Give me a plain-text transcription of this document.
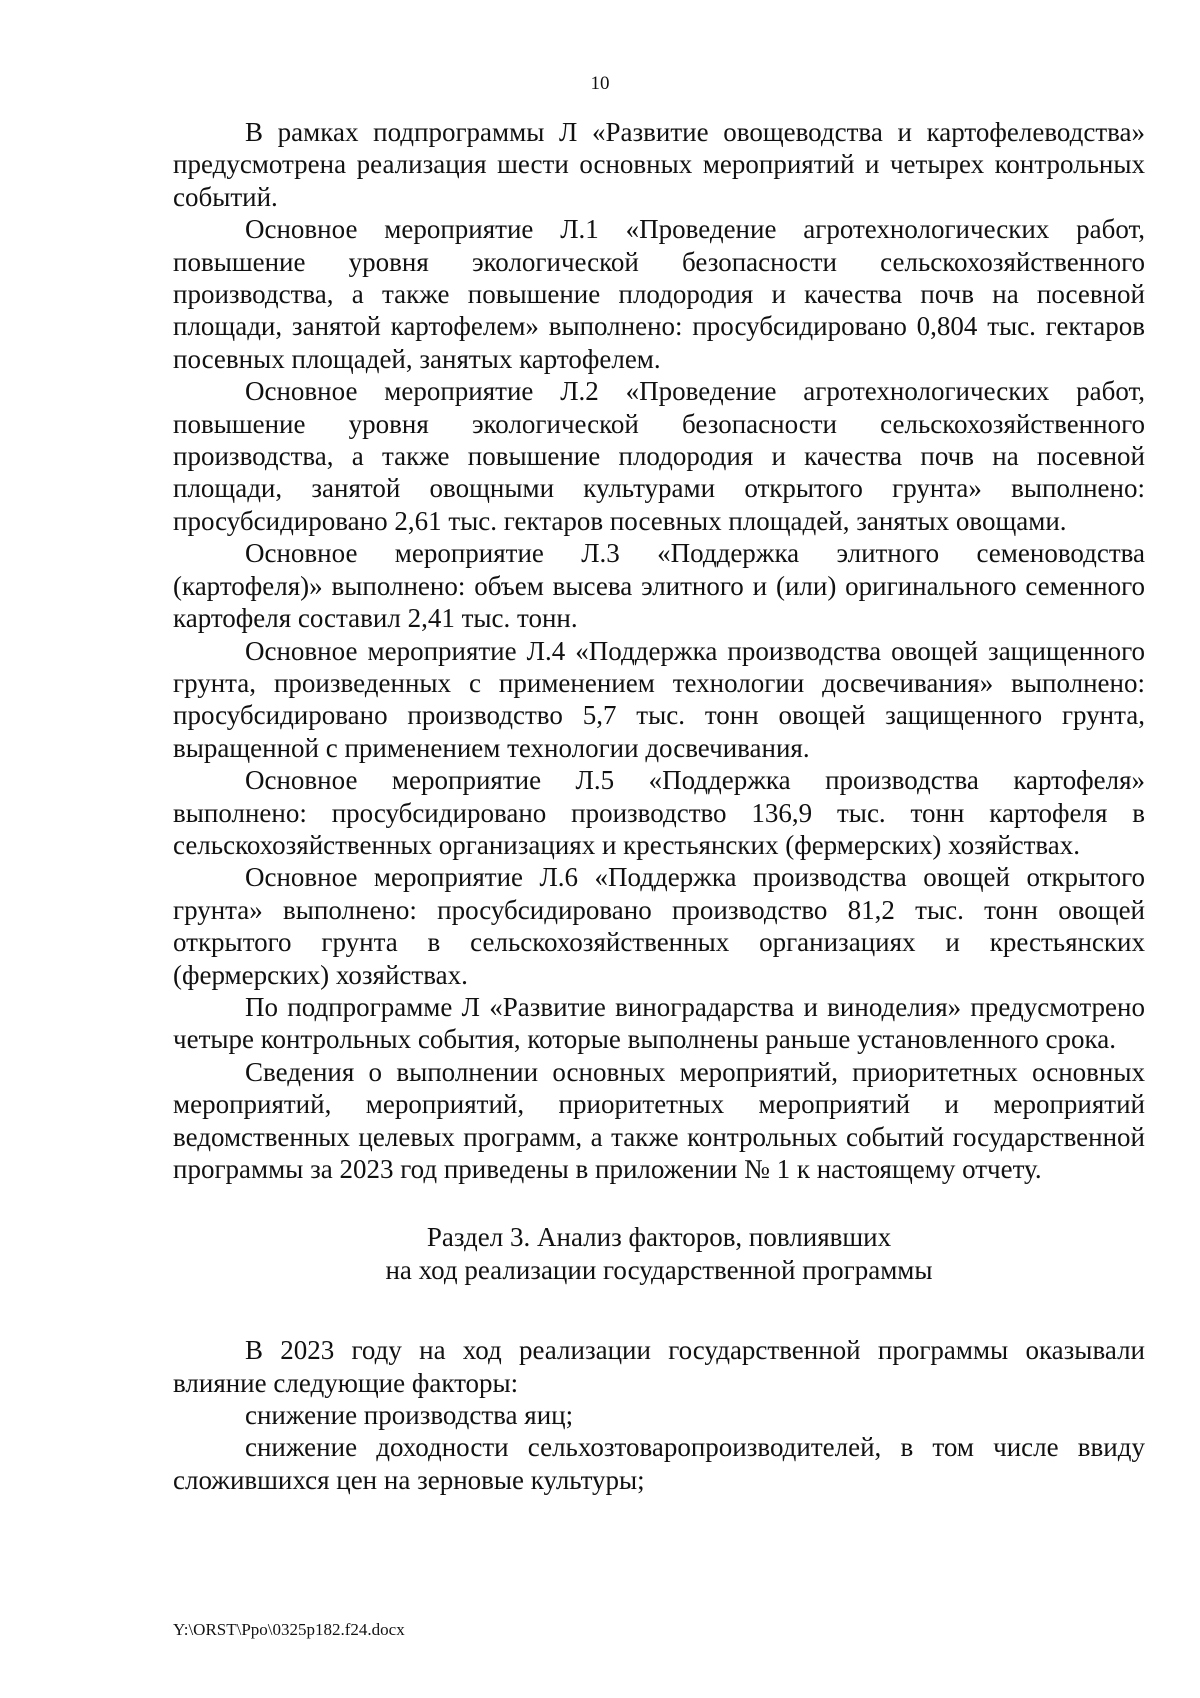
10

В рамках подпрограммы Л «Развитие овощеводства и картофелеводства» предусмотрена реализация шести основных мероприятий и четырех контрольных событий.

Основное мероприятие Л.1 «Проведение агротехнологических работ, повышение уровня экологической безопасности сельскохозяйственного производства, а также повышение плодородия и качества почв на посевной площади, занятой картофелем» выполнено: просубсидировано 0,804 тыс. гектаров посевных площадей, занятых картофелем.

Основное мероприятие Л.2 «Проведение агротехнологических работ, повышение уровня экологической безопасности сельскохозяйственного производства, а также повышение плодородия и качества почв на посевной площади, занятой овощными культурами открытого грунта» выполнено: просубсидировано 2,61 тыс. гектаров посевных площадей, занятых овощами.

Основное мероприятие Л.3 «Поддержка элитного семеноводства (картофеля)» выполнено: объем высева элитного и (или) оригинального семенного картофеля составил 2,41 тыс. тонн.

Основное мероприятие Л.4 «Поддержка производства овощей защищенного грунта, произведенных с применением технологии досвечивания» выполнено: просубсидировано производство 5,7 тыс. тонн овощей защищенного грунта, выращенной с применением технологии досвечивания.

Основное мероприятие Л.5 «Поддержка производства картофеля» выполнено: просубсидировано производство 136,9 тыс. тонн картофеля в сельскохозяйственных организациях и крестьянских (фермерских) хозяйствах.

Основное мероприятие Л.6 «Поддержка производства овощей открытого грунта» выполнено: просубсидировано производство 81,2 тыс. тонн овощей открытого грунта в сельскохозяйственных организациях и крестьянских (фермерских) хозяйствах.

По подпрограмме Л «Развитие виноградарства и виноделия» предусмотрено четыре контрольных события, которые выполнены раньше установленного срока.

Сведения о выполнении основных мероприятий, приоритетных основных мероприятий, мероприятий, приоритетных мероприятий и мероприятий ведомственных целевых программ, а также контрольных событий государственной программы за 2023 год приведены в приложении № 1 к настоящему отчету.

Раздел 3. Анализ факторов, повлиявших
на ход реализации государственной программы

В 2023 году на ход реализации государственной программы оказывали влияние следующие факторы:

снижение производства яиц;

снижение доходности сельхозтоваропроизводителей, в том числе ввиду сложившихся цен на зерновые культуры;

Y:\ORST\Ppo\0325p182.f24.docx
